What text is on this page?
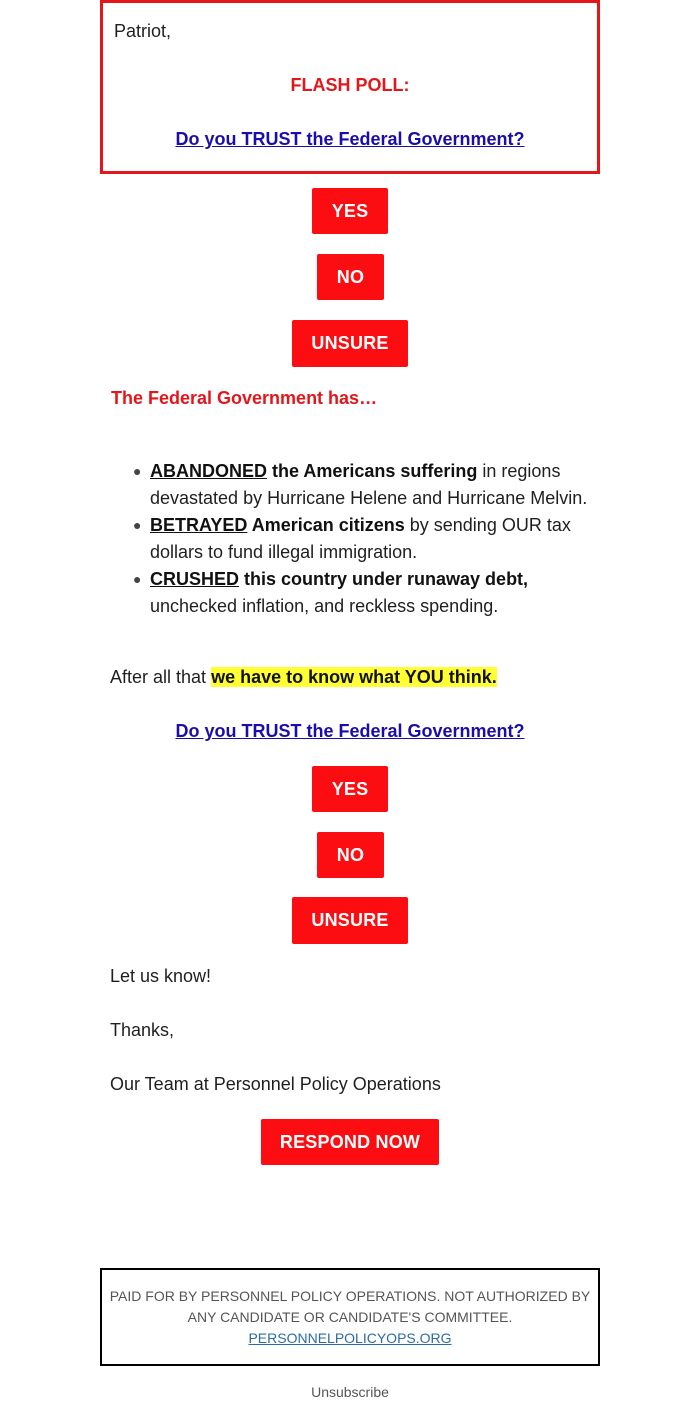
Patriot,
FLASH POLL:
Do you TRUST the Federal Government?
YES
NO
UNSURE
The Federal Government has…
● ABANDONED the Americans suffering in regions devastated by Hurricane Helene and Hurricane Melvin.
● BETRAYED American citizens by sending OUR tax dollars to fund illegal immigration.
● CRUSHED this country under runaway debt, unchecked inflation, and reckless spending.
After all that we have to know what YOU think.
Do you TRUST the Federal Government?
YES
NO
UNSURE
Let us know!
Thanks,
Our Team at Personnel Policy Operations
RESPOND NOW
PAID FOR BY PERSONNEL POLICY OPERATIONS. NOT AUTHORIZED BY ANY CANDIDATE OR CANDIDATE'S COMMITTEE.
PERSONNELPOLICYOPS.ORG
Unsubscribe
